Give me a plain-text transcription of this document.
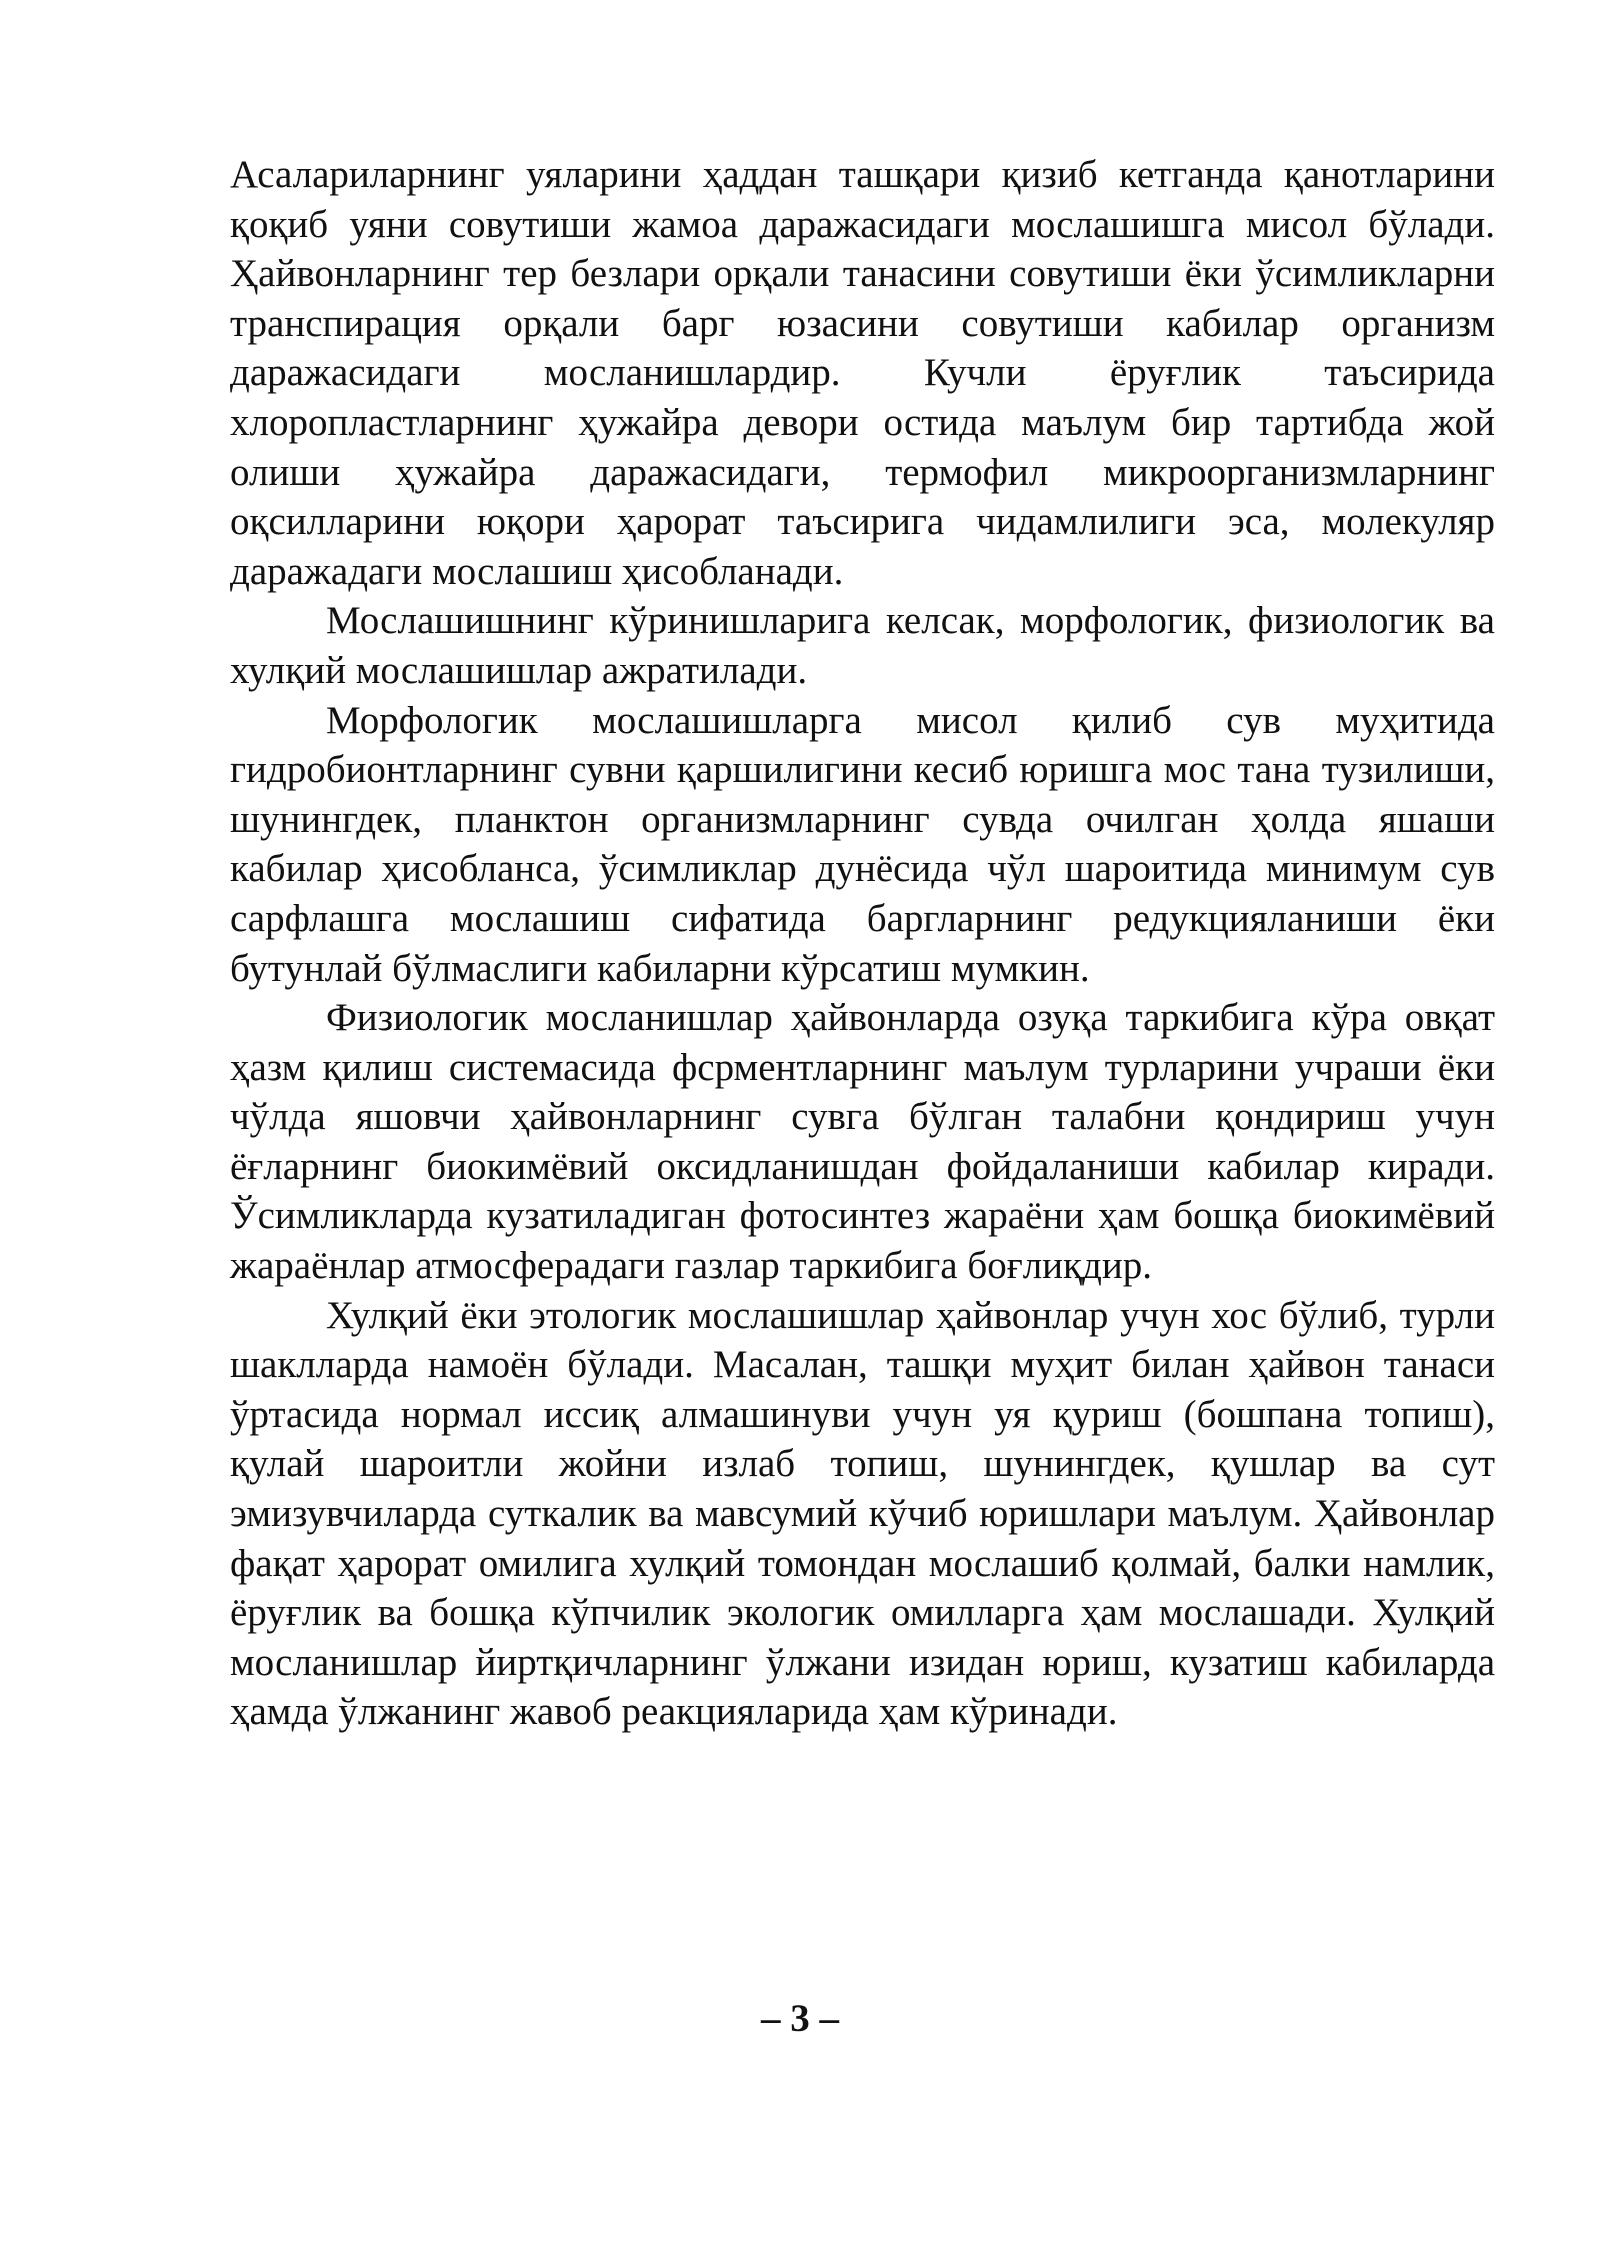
Асалариларнинг уяларини ҳаддан ташқари қизиб кетганда қанотларини қоқиб уяни совутиши жамоа даражасидаги мослашишга мисол бўлади. Ҳайвонларнинг тер безлари орқали танасини совутиши ёки ўсимликларни транспирация орқали барг юзасини совутиши кабилар организм даражасидаги мосланишлардир. Кучли ёруғлик таъсирида хлоропластларнинг ҳужайра девори остида маълум бир тартибда жой олиши ҳужайра даражасидаги, термофил микроорганизмларнинг оқсилларини юқори ҳарорат таъсирига чидамлилиги эса, молекуляр даражадаги мослашиш ҳисобланади.

Мослашишнинг кўринишларига келсак, морфологик, физиологик ва хулқий мослашишлар ажратилади.

Морфологик мослашишларга мисол қилиб сув муҳитида гидробионтларнинг сувни қаршилигини кесиб юришга мос тана тузилиши, шунингдек, планктон организмларнинг сувда очилган ҳолда яшаши кабилар ҳисобланса, ўсимликлар дунёсида чўл шароитида минимум сув сарфлашга мослашиш сифатида баргларнинг редукцияланиши ёки бутунлай бўлмаслиги кабиларни кўрсатиш мумкин.

Физиологик мосланишлар ҳайвонларда озуқа таркибига кўра овқат ҳазм қилиш системасида фсрментларнинг маълум турларини учраши ёки чўлда яшовчи ҳайвонларнинг сувга бўлган талабни қондириш учун ёғларнинг биокимёвий оксидланишдан фойдаланиши кабилар киради. Ўсимликларда кузатиладиган фотосинтез жараёни ҳам бошқа биокимёвий жараёнлар атмосферадаги газлар таркибига боғлиқдир.

Хулқий ёки этологик мослашишлар ҳайвонлар учун хос бўлиб, турли шаклларда намоён бўлади. Масалан, ташқи муҳит билан ҳайвон танаси ўртасида нормал иссиқ алмашинуви учун уя қуриш (бошпана топиш), қулай шароитли жойни излаб топиш, шунингдек, қушлар ва сут эмизувчиларда суткалик ва мавсумий кўчиб юришлари маълум. Ҳайвонлар фақат ҳарорат омилига хулқий томондан мослашиб қолмай, балки намлик, ёруғлик ва бошқа кўпчилик экологик омилларга ҳам мослашади. Хулқий мосланишлар йиртқичларнинг ўлжани изидан юриш, кузатиш кабиларда ҳамда ўлжанинг жавоб реакцияларида ҳам кўринади.

– 3 –
